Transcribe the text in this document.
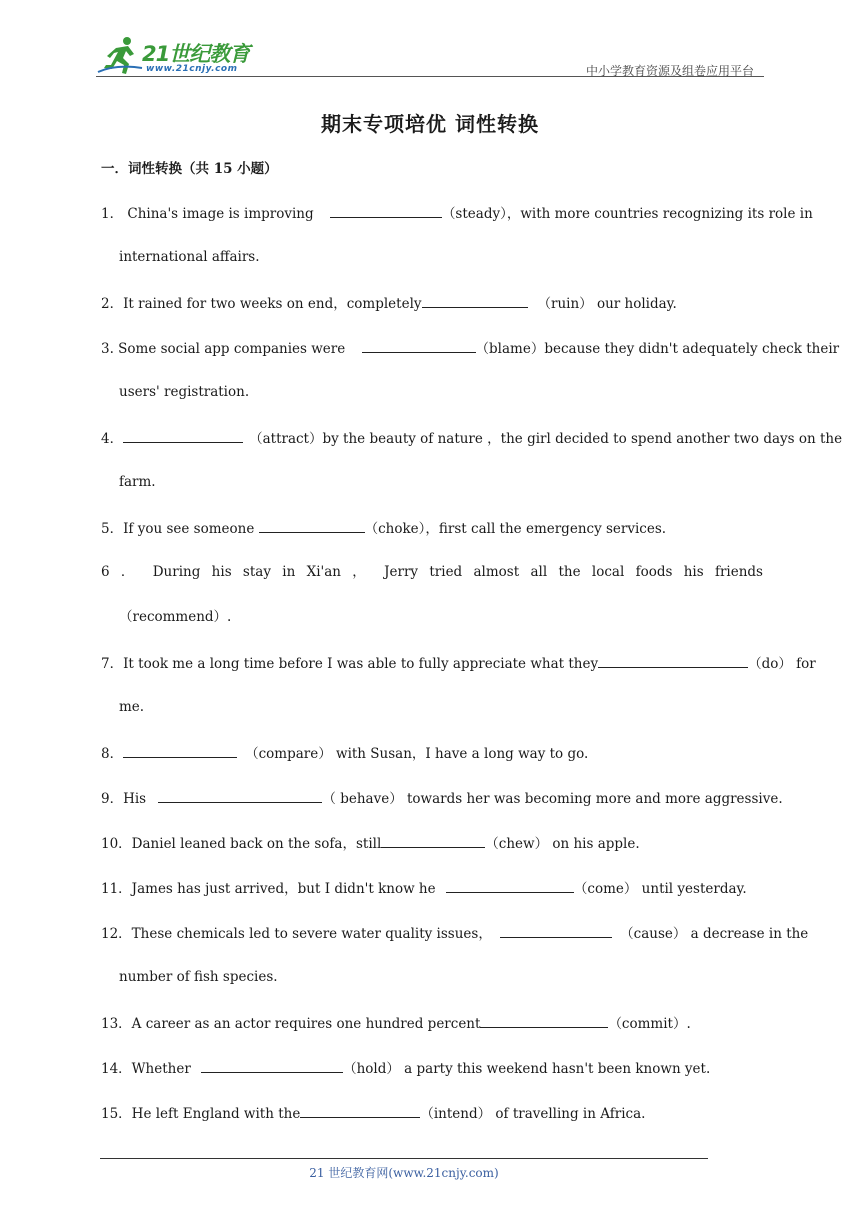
21世纪教育
www.21cnjy.com	中小学教育资源及组卷应用平台
期末专项培优 词性转换
一．词性转换（共 15 小题）
1． China's image is improving	（steady），with more countries recognizing its role in
international affairs.
2．It rained for two weeks on end，completely	（ruin） our holiday.
3. Some social app companies were	（blame）because they didn't adequately check their
users' registration.
4．	（attract）by the beauty of nature ，the girl decided to spend another two days on the
farm.
5．If you see someone	（choke），first call the emergency services.
6 ． During his stay in Xi'an ， Jerry tried almost all the local foods his friends
（recommend）.
7．It took me a long time before I was able to fully appreciate what they	（do） for
me.
8．	（compare） with Susan，I have a long way to go.
9．His	（ behave） towards her was becoming more and more aggressive.
10．Daniel leaned back on the sofa，still	（chew） on his apple.
11．James has just arrived，but I didn't know he	（come） until yesterday.
12．These chemicals led to severe water quality issues，	（cause） a decrease in the
number of fish species.
13．A career as an actor requires one hundred percent	（commit）.
14．Whether	（hold） a party this weekend hasn't been known yet.
15．He left England with the	（intend） of travelling in Africa.
21 世纪教育网(www.21cnjy.com)
